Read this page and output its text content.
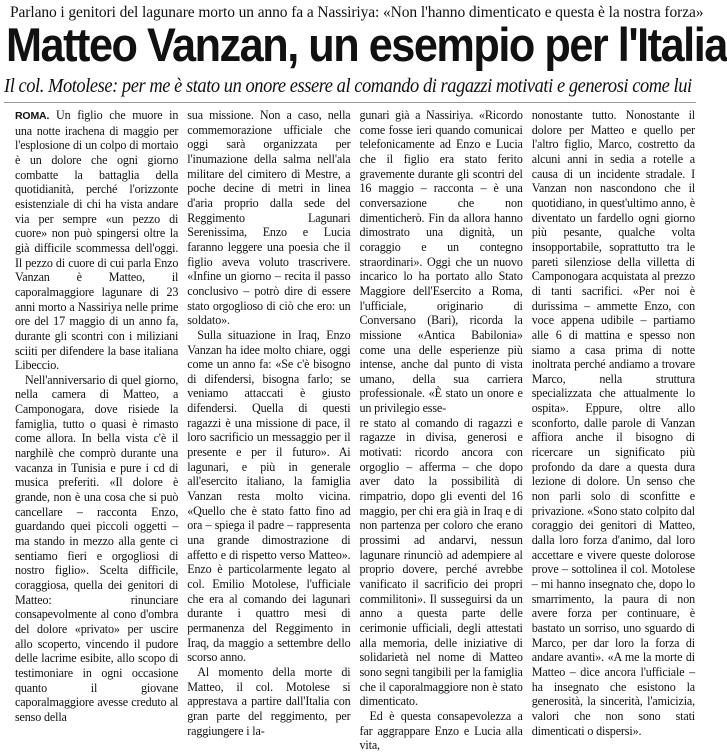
Parlano i genitori del lagunare morto un anno fa a Nassiriya: «Non l'hanno dimenticato e questa è la nostra forza»
Matteo Vanzan, un esempio per l'Italia
Il col. Motolese: per me è stato un onore essere al comando di ragazzi motivati e generosi come lui

ROMA. Un figlio che muore in una notte irachena di maggio per l'esplosione di un colpo di mortaio è un dolore che ogni giorno combatte la battaglia della quotidianità, perché l'orizzonte esistenziale di chi ha vista andare via per sempre «un pezzo di cuore» non può spingersi oltre la già difficile scommessa dell'oggi. Il pezzo di cuore di cui parla Enzo Vanzan è Matteo, il caporalmaggiore lagunare di 23 anni morto a Nassiriya nelle prime ore del 17 maggio di un anno fa, durante gli scontri con i miliziani sciiti per difendere la base italiana Libeccio.

Nell'anniversario di quel giorno, nella camera di Matteo, a Camponogara, dove risiede la famiglia, tutto o quasi è rimasto come allora. In bella vista c'è il narghilè che comprò durante una vacanza in Tunisia e pure i cd di musica preferiti. «Il dolore è grande, non è una cosa che si può cancellare – racconta Enzo, guardando quei piccoli oggetti – ma stando in mezzo alla gente ci sentiamo fieri e orgogliosi di nostro figlio». Scelta difficile, coraggiosa, quella dei genitori di Matteo: rinunciare consapevolmente al cono d'ombra del dolore «privato» per uscire allo scoperto, vincendo il pudore delle lacrime esibite, allo scopo di testimoniare in ogni occasione quanto il giovane caporalmaggiore avesse creduto al senso della

sua missione. Non a caso, nella commemorazione ufficiale che oggi sarà organizzata per l'inumazione della salma nell'ala militare del cimitero di Mestre, a poche decine di metri in linea d'aria proprio dalla sede del Reggimento Lagunari Serenissima, Enzo e Lucia faranno leggere una poesia che il figlio aveva voluto trascrivere. «Infine un giorno – recita il passo conclusivo – potrò dire di essere stato orgoglioso di ciò che ero: un soldato».

Sulla situazione in Iraq, Enzo Vanzan ha idee molto chiare, oggi come un anno fa: «Se c'è bisogno di difendersi, bisogna farlo; se veniamo attaccati è giusto difendersi. Quella di questi ragazzi è una missione di pace, il loro sacrificio un messaggio per il presente e per il futuro». Ai lagunari, e più in generale all'esercito italiano, la famiglia Vanzan resta molto vicina. «Quello che è stato fatto fino ad ora – spiega il padre – rappresenta una grande dimostrazione di affetto e di rispetto verso Matteo». Enzo è particolarmente legato al col. Emilio Motolese, l'ufficiale che era al comando dei lagunari durante i quattro mesi di permanenza del Reggimento in Iraq, da maggio a settembre dello scorso anno.

Al momento della morte di Matteo, il col. Motolese si apprestava a partire dall'Italia con gran parte del reggimento, per raggiungere i la-

gunari già a Nassiriya. «Ricordo come fosse ieri quando comunicai telefonicamente ad Enzo e Lucia che il figlio era stato ferito gravemente durante gli scontri del 16 maggio – racconta – è una conversazione che non dimenticherò. Fin da allora hanno dimostrato una dignità, un coraggio e un contegno straordinari». Oggi che un nuovo incarico lo ha portato allo Stato Maggiore dell'Esercito a Roma, l'ufficiale, originario di Conversano (Bari), ricorda la missione «Antica Babilonia» come una delle esperienze più intense, anche dal punto di vista umano, della sua carriera professionale. «È stato un onore e un privilegio esse-

re stato al comando di ragazzi e ragazze in divisa, generosi e motivati: ricordo ancora con orgoglio – afferma – che dopo aver dato la possibilità di rimpatrio, dopo gli eventi del 16 maggio, per chi era già in Iraq e di non partenza per coloro che erano prossimi ad andarvi, nessun lagunare rinunciò ad adempiere al proprio dovere, perché avrebbe vanificato il sacrificio dei propri commilitoni». Il susseguirsi da un anno a questa parte delle cerimonie ufficiali, degli attestati alla memoria, delle iniziative di solidarietà nel nome di Matteo sono segni tangibili per la famiglia che il caporalmaggiore non è stato dimenticato.

Ed è questa consapevolezza a far aggrappare Enzo e Lucia alla vita,

nonostante tutto. Nonostante il dolore per Matteo e quello per l'altro figlio, Marco, costretto da alcuni anni in sedia a rotelle a causa di un incidente stradale. I Vanzan non nascondono che il quotidiano, in quest'ultimo anno, è diventato un fardello ogni giorno più pesante, qualche volta insopportabile, soprattutto tra le pareti silenziose della villetta di Camponogara acquistata al prezzo di tanti sacrifici. «Per noi è durissima – ammette Enzo, con voce appena udibile – partiamo alle 6 di mattina e spesso non siamo a casa prima di notte inoltrata perché andiamo a trovare Marco, nella struttura specializzata che attualmente lo ospita». Eppure, oltre allo sconforto, dalle parole di Vanzan affiora anche il bisogno di ricercare un significato più profondo da dare a questa dura lezione di dolore. Un senso che non parli solo di sconfitte e privazione. «Sono stato colpito dal coraggio dei genitori di Matteo, dalla loro forza d'animo, dal loro accettare e vivere queste dolorose prove – sottolinea il col. Motolese – mi hanno insegnato che, dopo lo smarrimento, la paura di non avere forza per continuare, è bastato un sorriso, uno sguardo di Marco, per dar loro la forza di andare avanti». «A me la morte di Matteo – dice ancora l'ufficiale – ha insegnato che esistono la generosità, la sincerità, l'amicizia, valori che non sono stati dimenticati o dispersi».
